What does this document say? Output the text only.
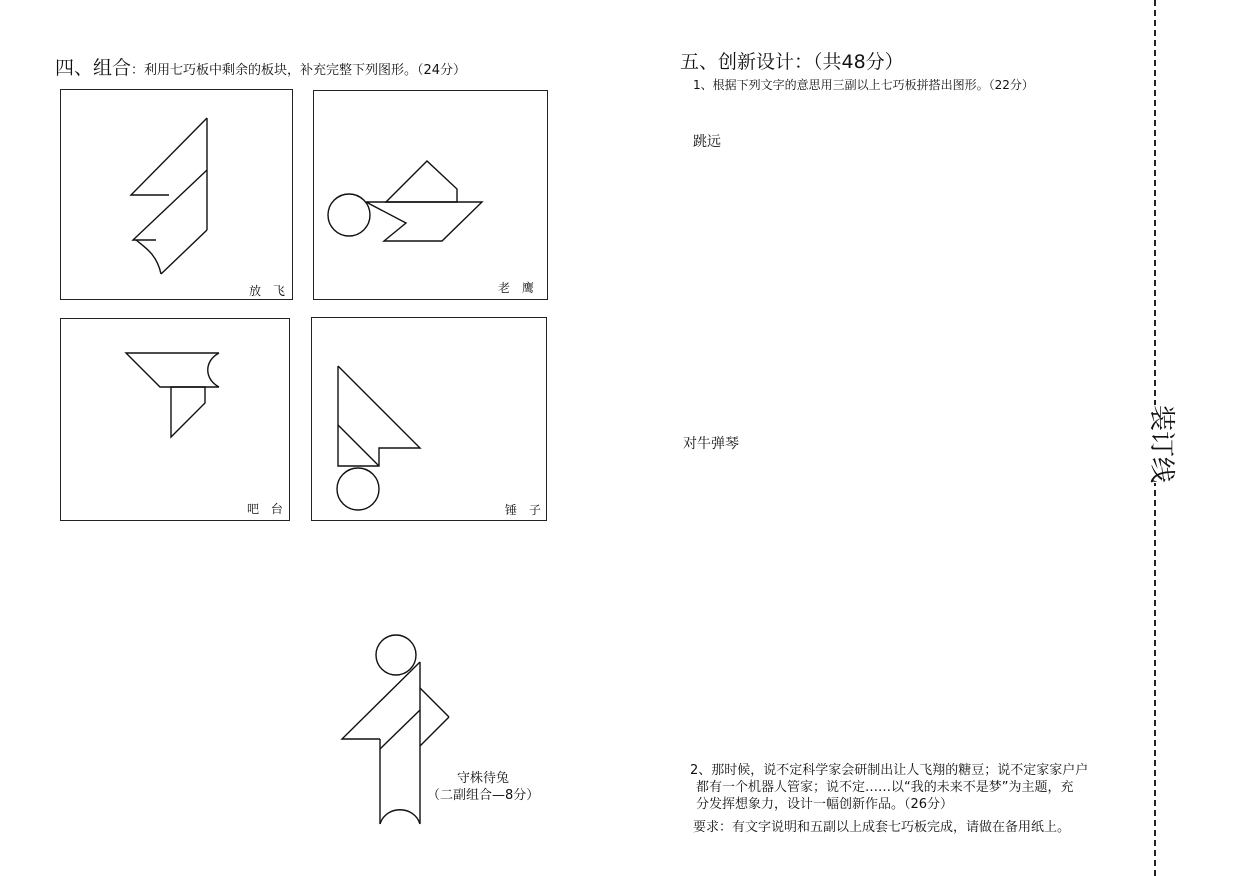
四、组合：利用七巧板中剩余的板块，补充完整下列图形。（24分）
放 飞	老 鹰
吧 台	锤 子
守株待兔
（二副组合—8分）
五、创新设计：（共48分）
1、根据下列文字的意思用三副以上七巧板拼搭出图形。（22分）
跳远
对牛弹琴
2、那时候，说不定科学家会研制出让人飞翔的糖豆；说不定家家户户
都有一个机器人管家；说不定……以“我的未来不是梦”为主题，充
分发挥想象力，设计一幅创新作品。（26分）
要求：有文字说明和五副以上成套七巧板完成，请做在备用纸上。
装订线
